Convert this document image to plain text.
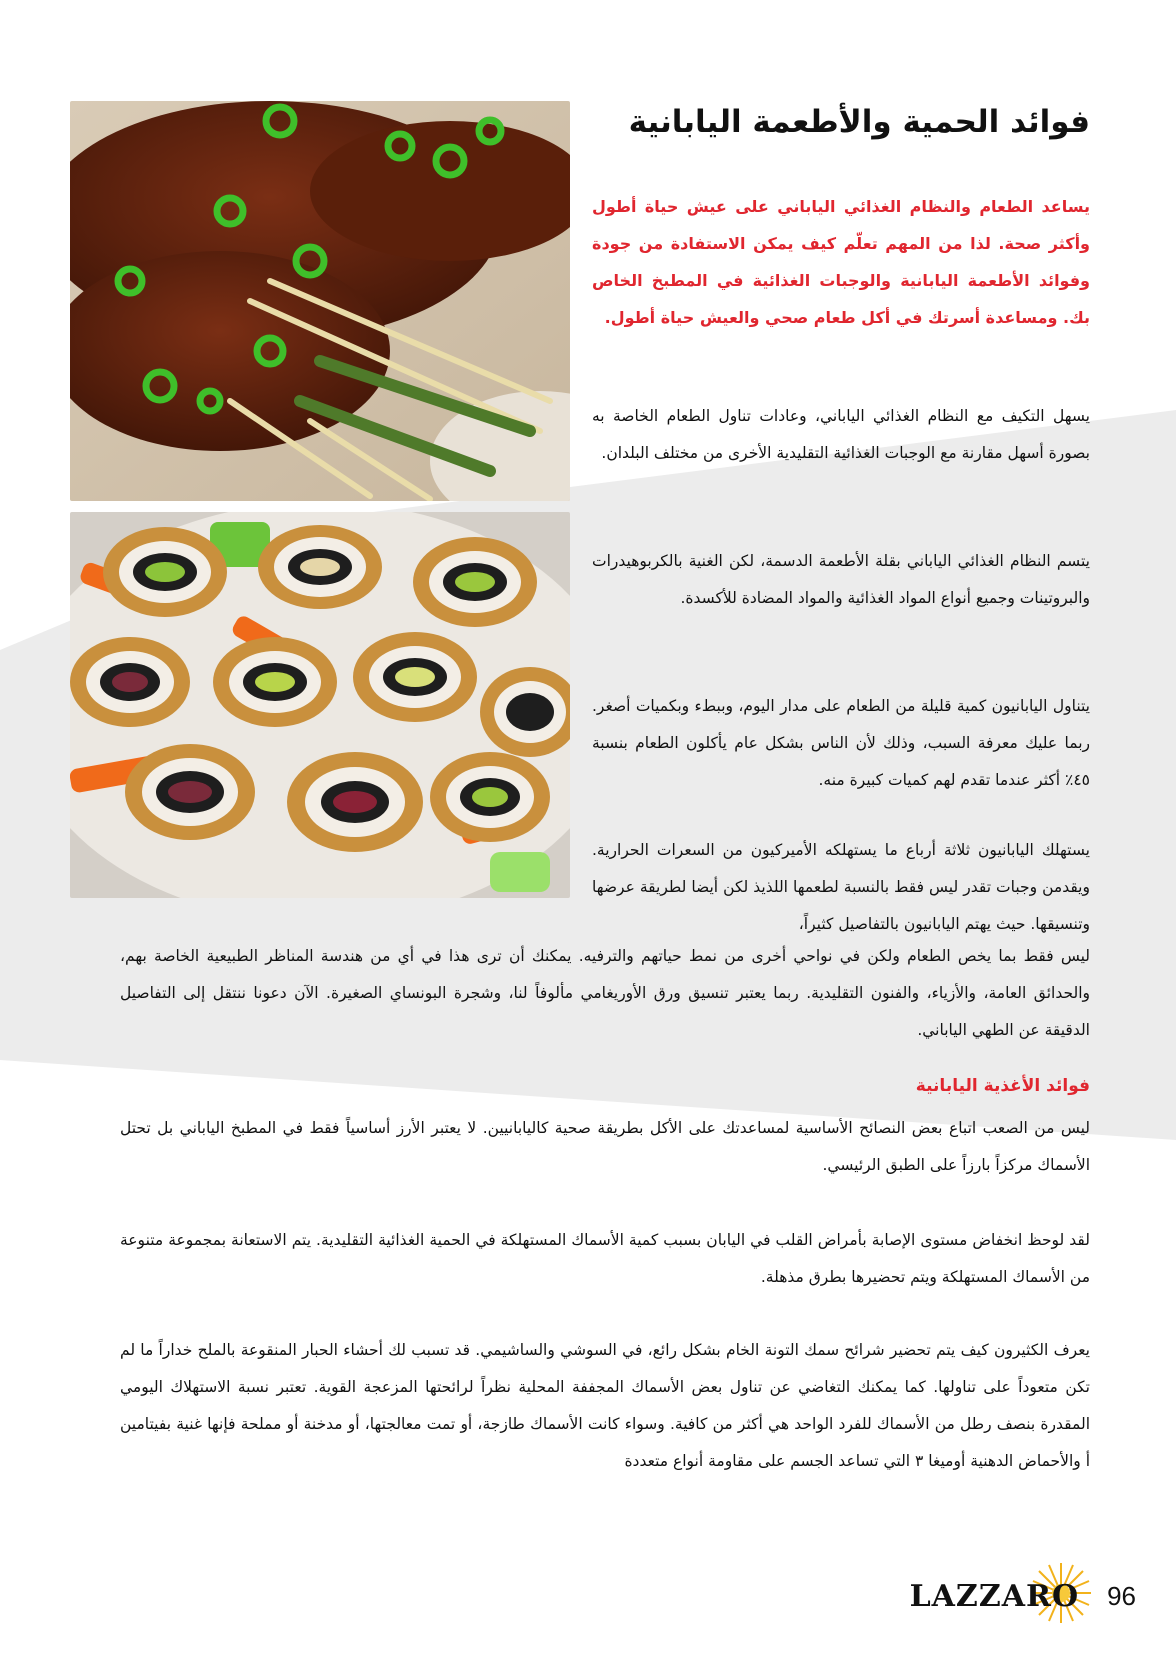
فوائد الحمية والأطعمة اليابانية

يساعد الطعام والنظام الغذائي الياباني على عيش حياة أطول وأكثر صحة. لذا من المهم تعلّم كيف يمكن الاستفادة من جودة وفوائد الأطعمة اليابانية والوجبات الغذائية في المطبخ الخاص بك. ومساعدة أسرتك في أكل طعام صحي والعيش حياة أطول.

يسهل التكيف مع النظام الغذائي الياباني، وعادات تناول الطعام الخاصة به بصورة أسهل مقارنة مع الوجبات الغذائية التقليدية الأخرى من مختلف البلدان.

يتسم النظام الغذائي الياباني بقلة الأطعمة الدسمة، لكن الغنية بالكربوهيدرات والبروتينات وجميع أنواع المواد الغذائية والمواد المضادة للأكسدة.

يتناول اليابانيون كمية قليلة من الطعام على مدار اليوم، وببطء وبكميات أصغر. ربما عليك معرفة السبب، وذلك لأن الناس بشكل عام يأكلون الطعام بنسبة ٤٥٪ أكثر عندما تقدم لهم كميات كبيرة منه.

يستهلك اليابانيون ثلاثة أرباع ما يستهلكه الأميركيون من السعرات الحرارية. ويقدمن وجبات تقدر ليس فقط بالنسبة لطعمها اللذيذ لكن أيضا لطريقة عرضها وتنسيقها. حيث يهتم اليابانيون بالتفاصيل كثيراً،

ليس فقط بما يخص الطعام ولكن في نواحي أخرى من نمط حياتهم والترفيه. يمكنك أن ترى هذا في أي من هندسة المناظر الطبيعية الخاصة بهم، والحدائق العامة، والأزياء، والفنون التقليدية. ربما يعتبر تنسيق ورق الأوريغامي مألوفاً لنا، وشجرة البونساي الصغيرة. الآن دعونا ننتقل إلى التفاصيل الدقيقة عن الطهي الياباني.

فوائد الأغذية اليابانية

ليس من الصعب اتباع بعض النصائح الأساسية لمساعدتك على الأكل بطريقة صحية كاليابانيين. لا يعتبر الأرز أساسياً فقط في المطبخ الياباني بل تحتل الأسماك مركزاً بارزاً على الطبق الرئيسي.

لقد لوحظ انخفاض مستوى الإصابة بأمراض القلب في اليابان بسبب كمية الأسماك المستهلكة في الحمية الغذائية التقليدية. يتم الاستعانة بمجموعة متنوعة من الأسماك المستهلكة ويتم تحضيرها بطرق مذهلة.

يعرف الكثيرون كيف يتم تحضير شرائح سمك التونة الخام بشكل رائع، في السوشي والساشيمي. قد تسبب لك أحشاء الحبار المنقوعة بالملح خداراً ما لم تكن متعوداً على تناولها. كما يمكنك التغاضي عن تناول بعض الأسماك المجففة المحلية نظراً لرائحتها المزعجة القوية. تعتبر نسبة الاستهلاك اليومي المقدرة بنصف رطل من الأسماك للفرد الواحد هي أكثر من كافية. وسواء كانت الأسماك طازجة، أو تمت معالجتها، أو مدخنة أو مملحة فإنها غنية بفيتامين أ والأحماض الدهنية أوميغا ٣ التي تساعد الجسم على مقاومة أنواع متعددة

LAZZARO 96
